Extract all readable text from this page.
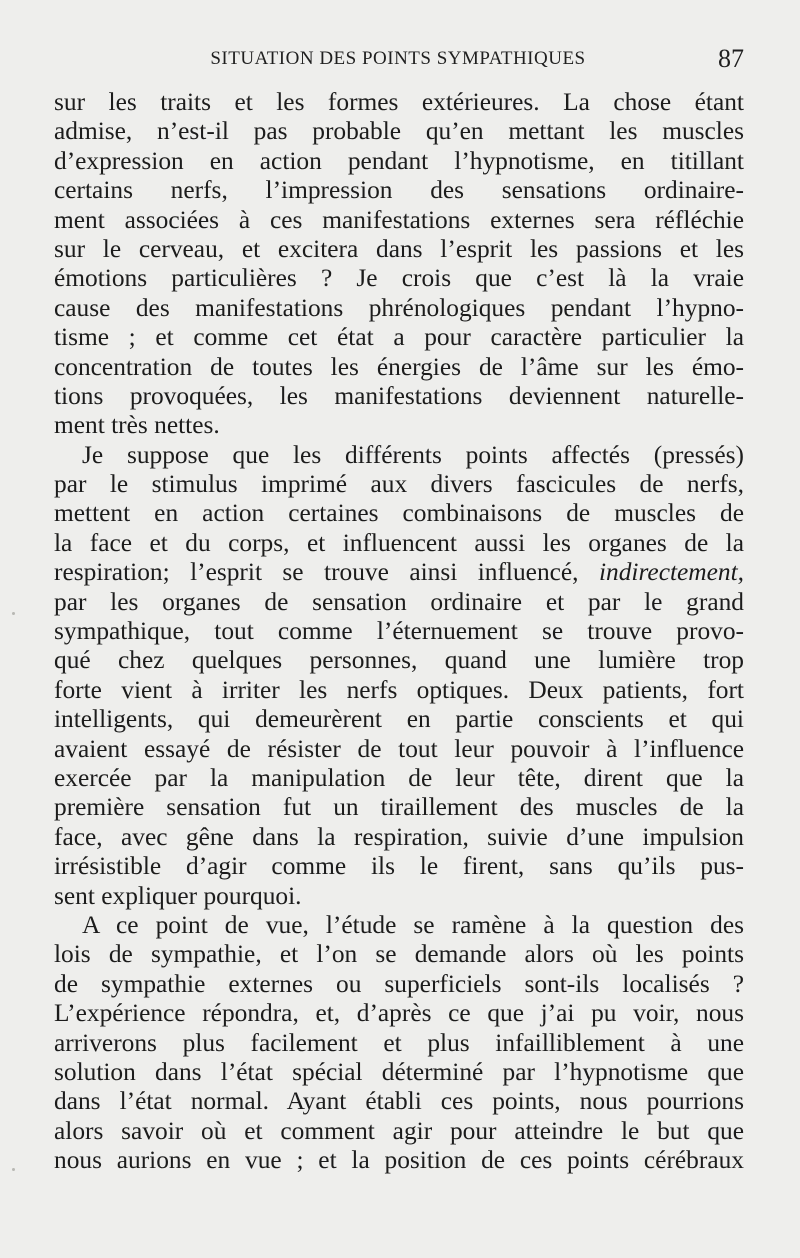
SITUATION DES POINTS SYMPATHIQUES	87
sur les traits et les formes extérieures. La chose étant
admise, n’est-il pas probable qu’en mettant les muscles
d’expression en action pendant l’hypnotisme, en titillant
certains nerfs, l’impression des sensations ordinaire-
ment associées à ces manifestations externes sera réfléchie
sur le cerveau, et excitera dans l’esprit les passions et les
émotions particulières ? Je crois que c’est là la vraie
cause des manifestations phrénologiques pendant l’hypno-
tisme ; et comme cet état a pour caractère particulier la
concentration de toutes les énergies de l’âme sur les émo-
tions provoquées, les manifestations deviennent naturelle-
ment très nettes.
Je suppose que les différents points affectés (pressés)
par le stimulus imprimé aux divers fascicules de nerfs,
mettent en action certaines combinaisons de muscles de
la face et du corps, et influencent aussi les organes de la
respiration; l’esprit se trouve ainsi influencé, indirectement,
par les organes de sensation ordinaire et par le grand
sympathique, tout comme l’éternuement se trouve provo-
qué chez quelques personnes, quand une lumière trop
forte vient à irriter les nerfs optiques. Deux patients, fort
intelligents, qui demeurèrent en partie conscients et qui
avaient essayé de résister de tout leur pouvoir à l’influence
exercée par la manipulation de leur tête, dirent que la
première sensation fut un tiraillement des muscles de la
face, avec gêne dans la respiration, suivie d’une impulsion
irrésistible d’agir comme ils le firent, sans qu’ils pus-
sent expliquer pourquoi.
A ce point de vue, l’étude se ramène à la question des
lois de sympathie, et l’on se demande alors où les points
de sympathie externes ou superficiels sont-ils localisés ?
L’expérience répondra, et, d’après ce que j’ai pu voir, nous
arriverons plus facilement et plus infailliblement à une
solution dans l’état spécial déterminé par l’hypnotisme que
dans l’état normal. Ayant établi ces points, nous pourrions
alors savoir où et comment agir pour atteindre le but que
nous aurions en vue ; et la position de ces points cérébraux
